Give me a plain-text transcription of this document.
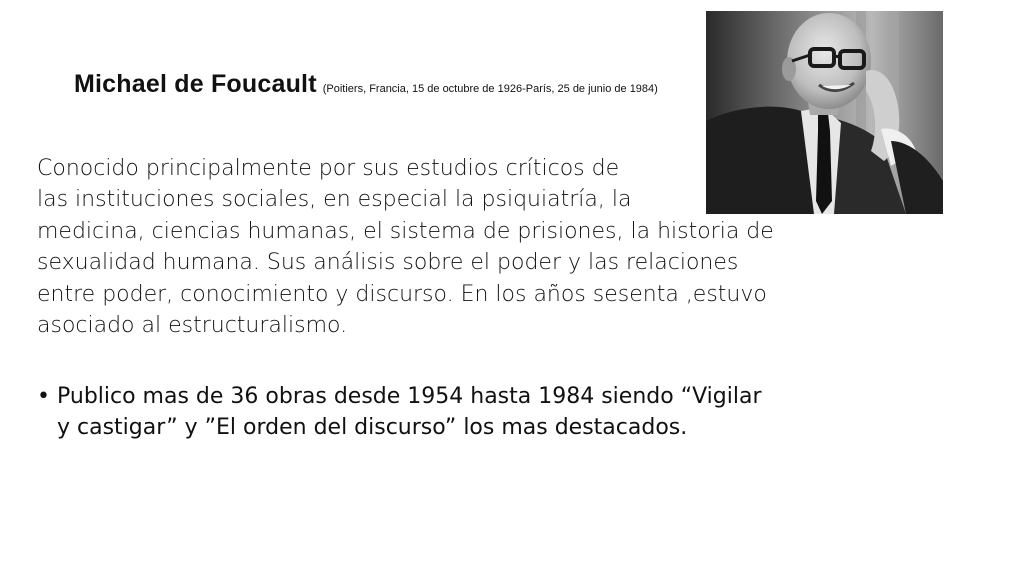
Michael de Foucault (Poitiers, Francia, 15 de octubre de 1926-París, 25 de junio de 1984)
Conocido principalmente por sus estudios críticos de
las instituciones sociales, en especial la psiquiatría, la
medicina, ciencias humanas, el sistema de prisiones, la historia de
sexualidad humana. Sus análisis sobre el poder y las relaciones
entre poder, conocimiento y discurso. En los años sesenta ,estuvo
asociado al estructuralismo.
• Publico mas de 36 obras desde 1954 hasta 1984 siendo “Vigilar
y castigar” y ”El orden del discurso” los mas destacados.
